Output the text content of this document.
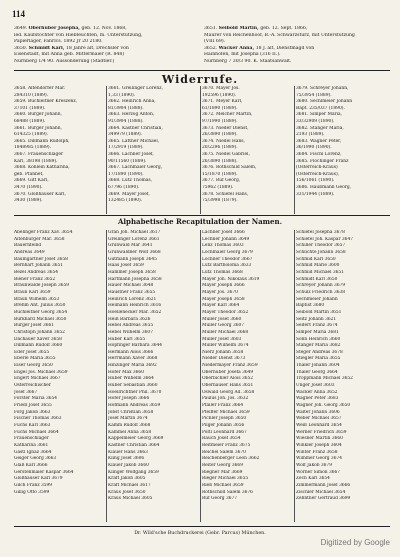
114
3649. Oberhuber Josepha, geb. 12. Nov. 1868,
led. Kaufstochter von Hiebfeuchten, m. Unterstützung,
Papierlager, Fahrlcs. 1892 Jr 20 2180.
3650. Schmidt Karl, 18 Jahre alt, Drechsler von
Eisenstadt, mit Anna geb. Mittermaier (R. 848)
Nürnberg 1/4 90. Aussonderung (Stadtler.)
3651. Seibold Martin, geb. 12. Sept. 1866,
Maurer von Reichenhoof, B.-A. Schwarzsturz, mit Unterstützung
(VIII 69).
3652. Wacker Anna, 18 J. alt, Dienstmagd von
Hainhofen, mit Josepha (316 II.).
Nürnberg 7 30/3 90. K. Staatsanwalt.
Widerrufe.
3658. Altendorfer Mar.
284310 (1889).
3659. Buchleitner Kreszenz,
37101 (1889).
3660. Burger Johann,
68488 (1889).
3661. Burger Johann,
614325 (1889).
3665. Dillmann Rudolph,
1848985 (1889).
3667. Frauenschläger
Karl, 38198 (1889).
3668. Köhlein Katharina,
geb. Pfannet,
3669. Gitt Karl,
3470 (1890).
3670. Gloßhauser Karl,
3430 (1889).
3661. Greilinger Lorenz,
1,33 (1890).
3662. Heinrich Anna,
81/3904 (1888).
3663. Herzog Anton,
91/3904 (1888).
3664. Kastner Christian,
349979 (1889).
3665. Lattner Michael,
17/2919 (1889).
3666. Lachner Josef,
90/11560 (1889).
3667. Lachmaier Georg,
17/1890 (1890).
3668. Lutz Thomas,
67796 (1890).
3669. Mayer Josef,
132485 (1890).
3670. Mayer Jos.
192596 (1890).
3671. Meyer Karl,
61/1890 (1889).
3672. Melcher Martin,
97/1990 (1889).
3673. Nieder Dienst,
26/3890 (1889).
3674. Niedel Hans,
20/2296 (1889).
3675. Niedel Gabriel,
26/3890 (1888).
3676. Rothschild Salem,
15/1870 (1889).
3677. Ruf Georg,
75962 (1889).
3678. Schiefel Hans,
75/3998 (1879).
3679. Schreyer Johann,
75/3954 (1889).
3680. Sechlmeier Johann
Bapt. 235/037 (1890).
3681. Simper Maria,
33/32909 (1890).
3682. Stanger Maria,
2193 (1889).
3683. Wagner Peter,
36/1990 (1890).
3684. Fischl Lorenz,
3685. Flöchinger Franz
(Österreich-Kraus)
(Österreich-Kraus),
156/1061 (1890).
3686. Haußmann Georg,
331/1944 (1889).
Alphabetische Recapitulation der Namen.
Abelinger Franz Xav. 3654
Aitenburger Mar. 3658
Bauernfeind
Andreas 3649
Baumgartner Josef 3658
Bernhart Johann 3651
Bezel Andreas 3654
Biener Franz 3652
Braunwalde Joseph 3659
Braun Karl 3659
Braun Wilhelm 3653
Brehm Ant. Julius 3650
Buchleitner Georg 3654
Burkhard Michael 3650
Burger Josef 3661
Christoph Johann 3652
Dachauer Xaver 3658
Dillmann Rudolf 3660
Eder Josef 3655
Eberle Maria 3655
Eiser Georg 3650
Engel Jos. Michael 3659
Engert Michael 3667
Österreichischer
Josef 3667
Forster Maria 3654
Friedl Josef 3655
Förg Jakob 3663
Fischer Thomas 3663
Fuchs Karl 3663
Fuchs Michael 3664
Frauenschläger
Katharina 3661
Gastl Ignaz 3664
Geiger Georg 3663
Glaß Karl 3666
Gerstenmaier Kaspar 3664
Gloßhauser Karl 3679
Gilch Franz 3599
Gillig Otto 3599
Gran Joh. Michael 3617
Greilinger Lorenz 3661
Grünwald Mar 3641
Grünwaldner Wolf 3668
Gutmann Joseph 3645
Haas Josef 3659
Hammer Joseph 3658
Hartmann Josepha 3658
Hauer Michael 3648
Haustner Franz 3655
Heinrich Lorenz 3621
Heimann Heinrich 3616
Hoellenecker Mar. 3652
Heiß Barbara 3626
Hebel Andreas 3655
Hebel Wilhelm 3607
Huber Karl 3655
Hopfinger Barbara 3644
Hermann Alois 3666
Herrmann Xaver 3668
Hinzinger Maria 3692
Hofer Max 3660
Huber Wilhelm 3664
Huber Sebastian 3660
Hoellrichtner Phil. 3670
Hofer Joseph 3666
Hofmann Andreas 3659
Jobst Christian 3658
Josef Martin 3674
Kamm Rudolf 3668
Kammel Anna 3658
Kappelmeier Georg 3669
Kastner Christian 3664
Klauer Hans 3663
Kling Josef 3606
Klauer Jakob 3660
Klinger Wolfgang 3659
Kraft Jakob 3605
Kraft Michael 3617
Kraus Josef 3650
Kraus Michael 3605
Lachner Josef 3666
Lechner Johann 3649
Lenz Thomas 3603
Lochmaier Georg 3679
Lochner Theodor 3667
Lutz Bartholomä 3633
Lutz Thomas 3668
Mayer Joh. Nikolaus 3619
Mayer Joseph 3666
Mayer Jos. 3670
Mayer Joseph 3658
Mayer Karl 3664
Mayer Theodor 3652
Müller Josef 3660
Müller Georg 3607
Müller Michael 3668
Müller Josef 3603
Müller Wilhelm 3674
Nierz Johann 3658
Nieder Dienst 3673
Niedermayer Franz 3659
Oberhuber Josefa 3649
Oberbichler Alois 3652
Oberhäuser Hans 3651
Oswald Georg Ad. 3658
Paulus Joh. Jos. 3632
Pfaller Franz 3664
Pfeiffer Michael 3659
Pichler Joseph 3650
Pilger Johann 3656
Pöltl Leonhard 3667
Rauch Josef 3654
Reitmeier Franz 3675
Reichel Salem 3670
Reichenberger Leon 3662
Reiter Georg 3669
Riegner Mar 3669
Rieger Michael 3655
Rieß Michael 3659
Rothschild Salem 3676
Ruf Georg 3677
Schiefel Josepha 3678
Schiefel Joh. Kaspar 3647
Schiller Theodor 3657
Schlichte Johann 3658
Schmid Karl 3650
Schmid Marie 3600
Schmid Michael 3651
Schmidt Karl 3650
Schreyer Johann 3679
Schulz Friedrich 3638
Sechlmeier Johann
Baptist 3680
Seibold Martin 3651
Seitz Johann 3621
Seifert Franz 3674
Simper Maria 3681
Sonn Heinrich 3660
Stanger Maria 3682
Steger Andreas 3678
Stiegler Maria 3655
Thaler Johann 3604
Thaler Georg 3664
Troppmann Michael 3652
Unger Josef 3603
Wacker Anna 3652
Wagner Peter 3683
Wagner Joh. Georg 3650
Walter Johann 3606
Weber Michael 3657
Weiß Leonhard 3654
Werner Friedrich 3659
Wiesner Martin 3660
Winkler Joseph 3604
Winter Franz 3658
Wimmer Georg 3674
Wolf Jakob 3679
Wörner Simon 3667
Zech Karl 3654
Zimmermann Josef 3666
Zischler Michael 3654
Zehntner Gertraud 3699
Dr. Wild'sche Buchdruckerei (Gebr. Parcus) München.
Digitized by Google
